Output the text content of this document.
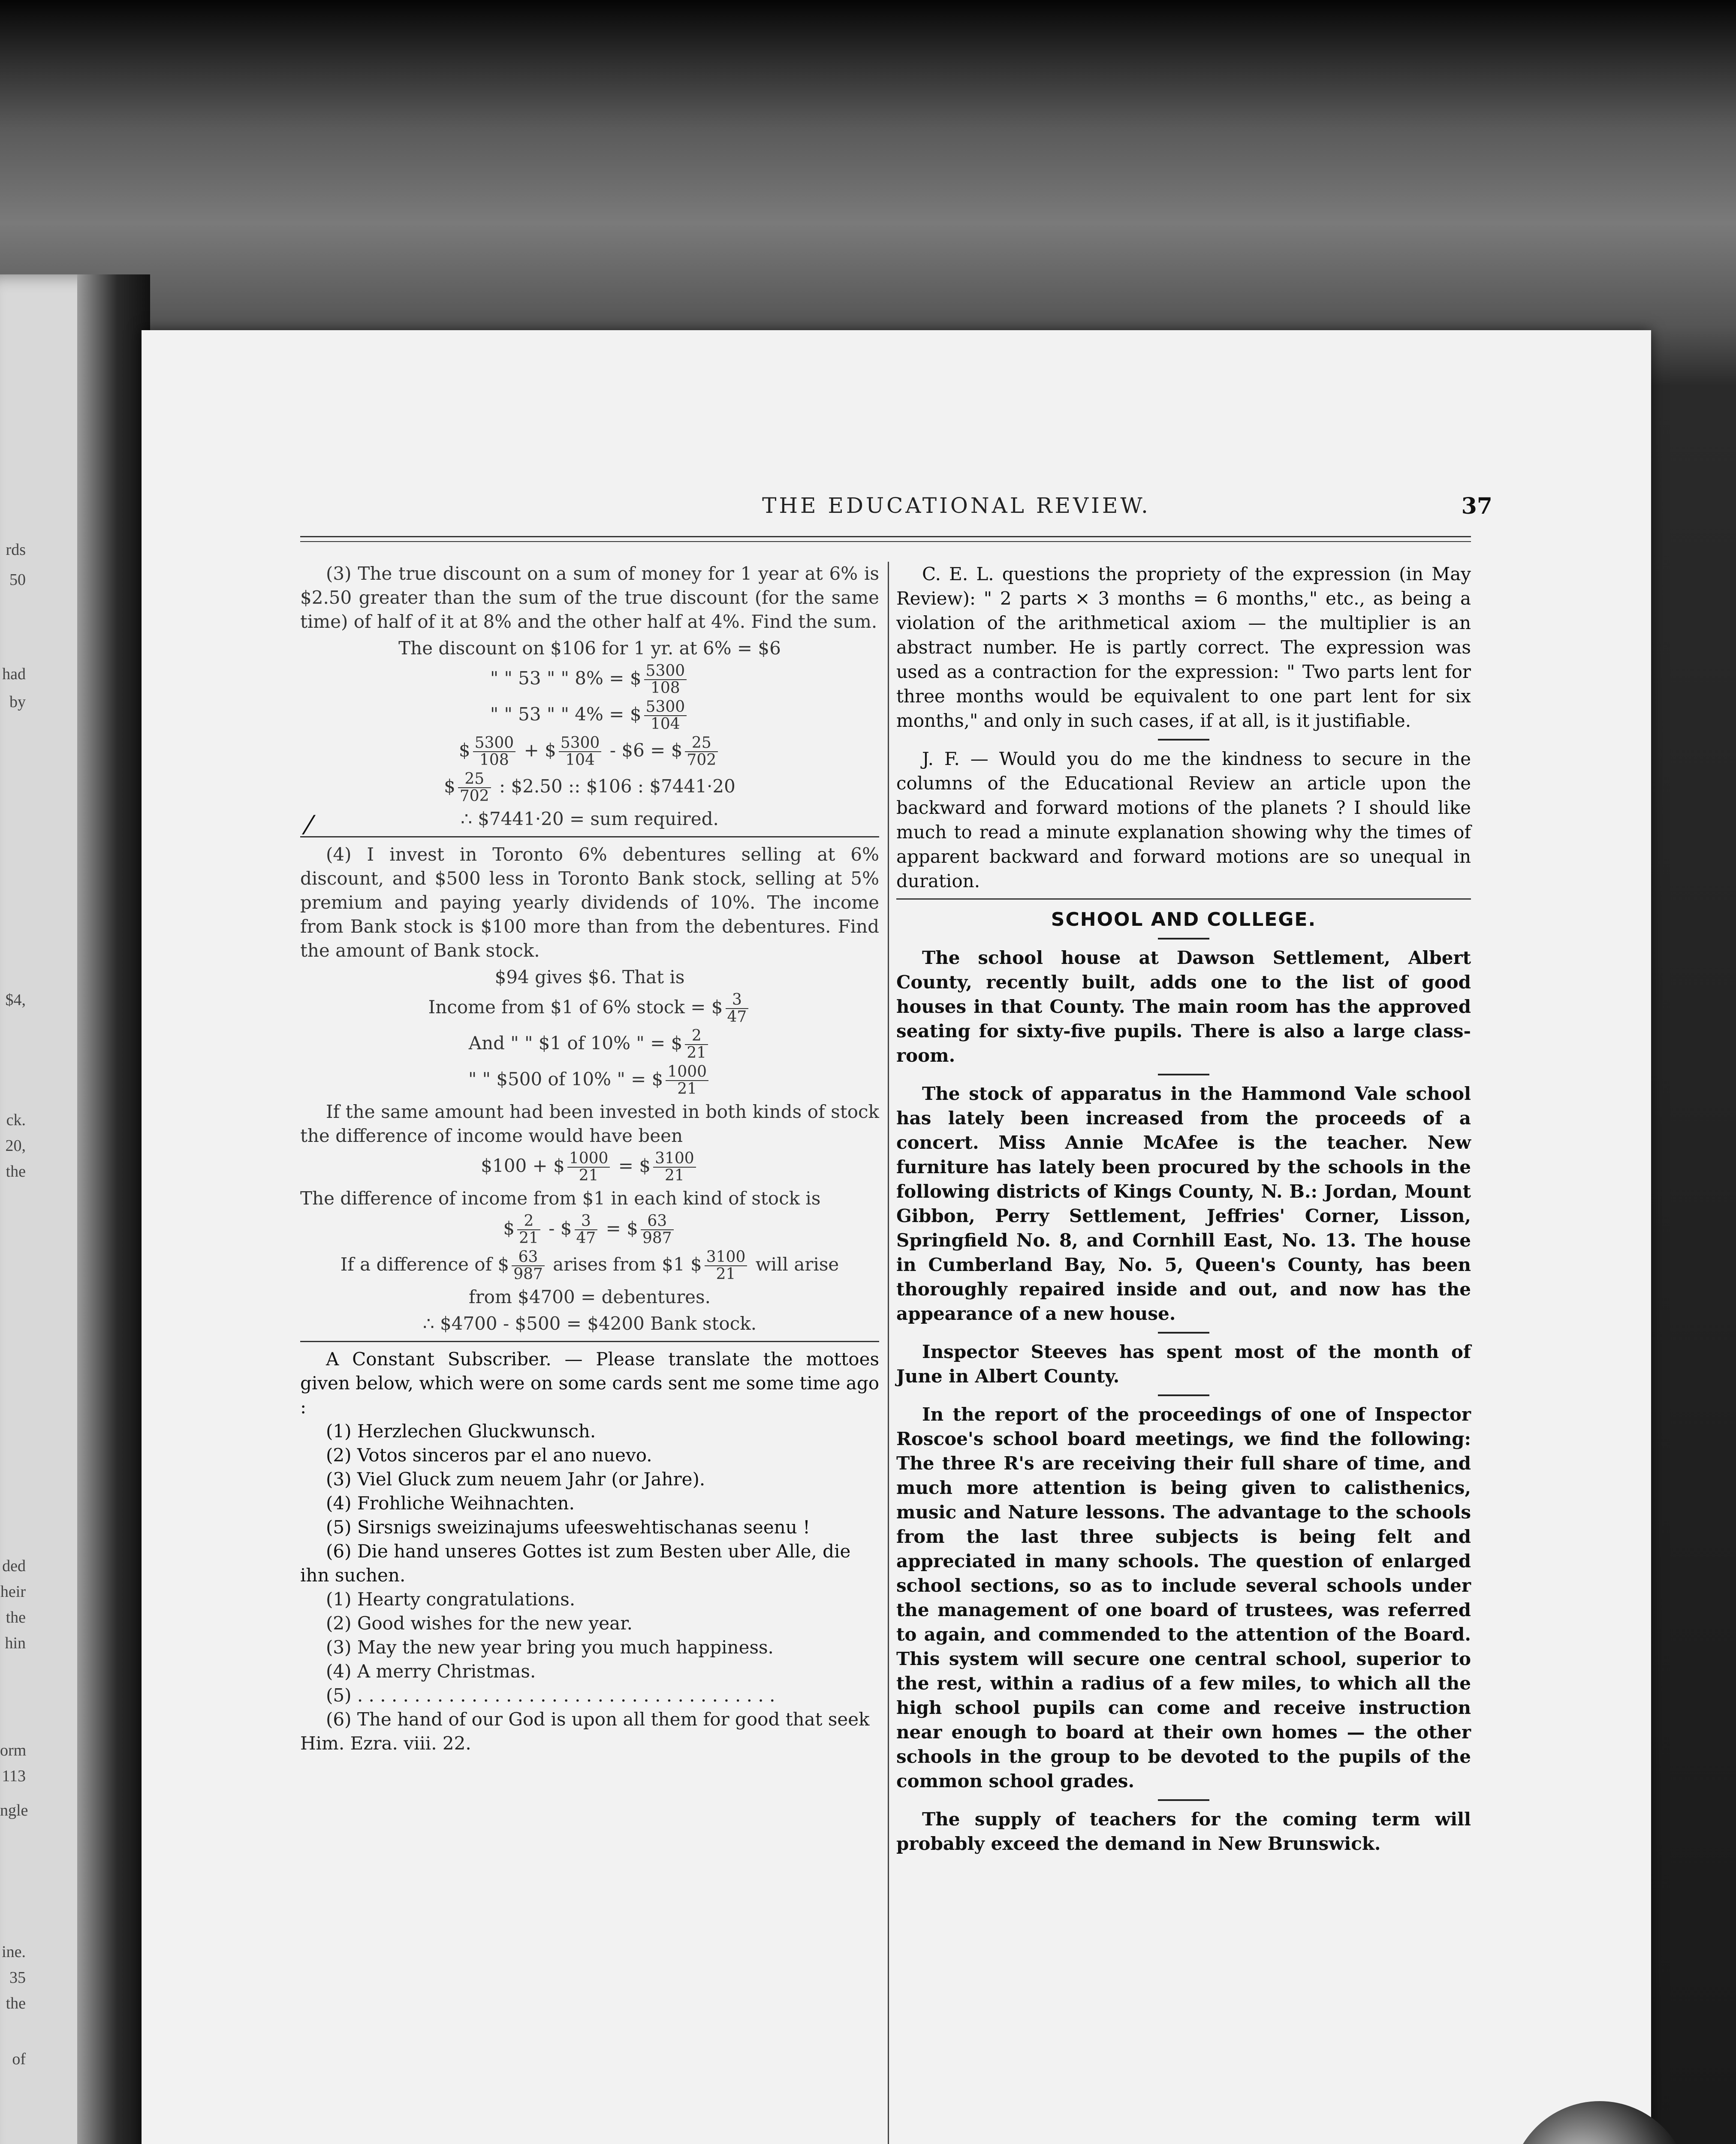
rds
50
had
by
$4,
ck.
20,
the
ded
heir
the
hin
orm
113
ngle
ine.
35
the
of
THE EDUCATIONAL REVIEW.	37

(3) The true discount on a sum of money for 1 year at 6% is $2.50 greater than the sum of the true discount (for the same time) of half of it at 8% and the other half at 4%. Find the sum.

The discount on $106 for 1 yr. at 6% = $6
" " 53 " " 8% = $ $\frac{5300}{108}$
" " 53 " " 4% = $ $\frac{5300}{104}$
$ $\frac{5300}{108}$ + $ $\frac{5300}{104}$ - $6 = $ $\frac{25}{702}$
$ $\frac{25}{702}$ : $2.50 :: $106 : $7441·20
∴ $7441·20 = sum required.

(4) I invest in Toronto 6% debentures selling at 6% discount, and $500 less in Toronto Bank stock, selling at 5% premium and paying yearly dividends of 10%. The income from Bank stock is $100 more than from the debentures. Find the amount of Bank stock.

$94 gives $6. That is
Income from $1 of 6% stock = $ $\frac{3}{47}$
And " " $1 of 10% " = $ $\frac{2}{21}$
" " $500 of 10% " = $ $\frac{1000}{21}$

If the same amount had been invested in both kinds of stock the difference of income would have been

$100 + $ $\frac{1000}{21}$ = $ $\frac{3100}{21}$

The difference of income from $1 in each kind of stock is

$ $\frac{2}{21}$ - $ $\frac{3}{47}$ = $ $\frac{63}{987}$
If a difference of $ $\frac{63}{987}$ arises from $1 $ $\frac{3100}{21}$ will arise
from $4700 = debentures.
∴ $4700 - $500 = $4200 Bank stock.

A Constant Subscriber. — Please translate the mottoes given below, which were on some cards sent me some time ago :

(1) Herzlechen Gluckwunsch.
(2) Votos sinceros par el ano nuevo.
(3) Viel Gluck zum neuem Jahr (or Jahre).
(4) Frohliche Weihnachten.
(5) Sirsnigs sweizinajums ufeeswehtischanas seenu !
(6) Die hand unseres Gottes ist zum Besten uber Alle, die ihn suchen.
(1) Hearty congratulations.
(2) Good wishes for the new year.
(3) May the new year bring you much happiness.
(4) A merry Christmas.
(5) . . . . . . . . . . . . . . . . . . . . . . . . . . . . . . . . . . . . .
(6) The hand of our God is upon all them for good that seek Him. Ezra. viii. 22.

C. E. L. questions the propriety of the expression (in May Review): " 2 parts × 3 months = 6 months," etc., as being a violation of the arithmetical axiom — the multiplier is an abstract number. He is partly correct. The expression was used as a contraction for the expression: " Two parts lent for three months would be equivalent to one part lent for six months," and only in such cases, if at all, is it justifiable.

J. F. — Would you do me the kindness to secure in the columns of the Educational Review an article upon the backward and forward motions of the planets ? I should like much to read a minute explanation showing why the times of apparent backward and forward motions are so unequal in duration.

SCHOOL AND COLLEGE.

The school house at Dawson Settlement, Albert County, recently built, adds one to the list of good houses in that County. The main room has the approved seating for sixty-five pupils. There is also a large class-room.

The stock of apparatus in the Hammond Vale school has lately been increased from the proceeds of a concert. Miss Annie McAfee is the teacher. New furniture has lately been procured by the schools in the following districts of Kings County, N. B.: Jordan, Mount Gibbon, Perry Settlement, Jeffries' Corner, Lisson, Springfield No. 8, and Cornhill East, No. 13. The house in Cumberland Bay, No. 5, Queen's County, has been thoroughly repaired inside and out, and now has the appearance of a new house.

Inspector Steeves has spent most of the month of June in Albert County.

In the report of the proceedings of one of Inspector Roscoe's school board meetings, we find the following: The three R's are receiving their full share of time, and much more attention is being given to calisthenics, music and Nature lessons. The advantage to the schools from the last three subjects is being felt and appreciated in many schools. The question of enlarged school sections, so as to include several schools under the management of one board of trustees, was referred to again, and commended to the attention of the Board. This system will secure one central school, superior to the rest, within a radius of a few miles, to which all the high school pupils can come and receive instruction near enough to board at their own homes — the other schools in the group to be devoted to the pupils of the common school grades.

The supply of teachers for the coming term will probably exceed the demand in New Brunswick.

⁄
